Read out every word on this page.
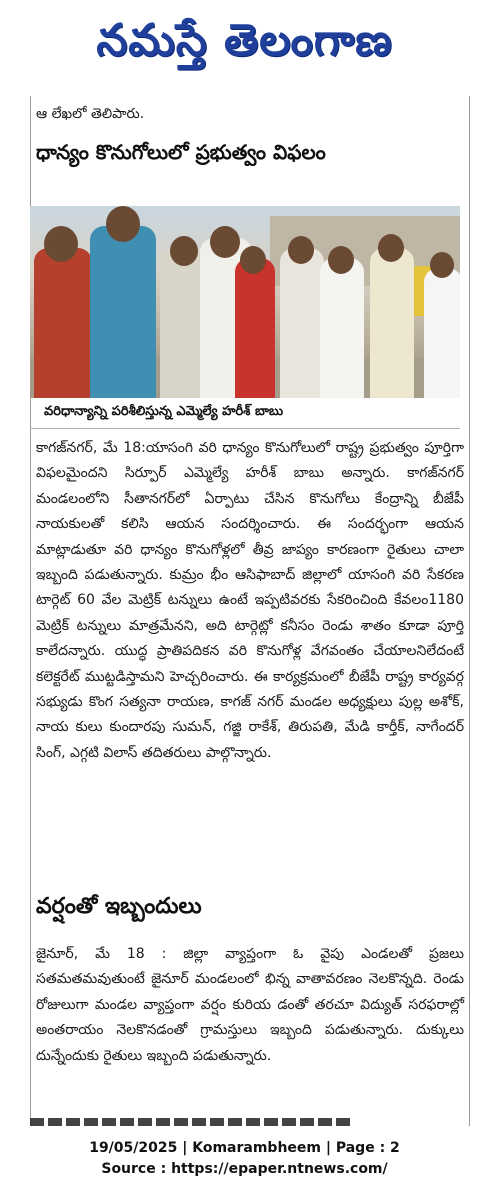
నమస్తే తెలంగాణ

ఆ లేఖలో తెలిపారు.

ధాన్యం కొనుగోలులో ప్రభుత్వం విఫలం

వరిధాన్యాన్ని పరిశీలిస్తున్న ఎమ్మెల్యే హరీశ్ బాబు

కాగజ్‌నగర్, మే 18:యాసంగి వరి ధాన్యం కొనుగోలులో రాష్ట్ర ప్రభుత్వం పూర్తిగా విఫలమైందని సిర్పూర్ ఎమ్మెల్యే హరీశ్ బాబు అన్నారు. కాగజ్‌నగర్ మండలంలోని సీతానగర్‌లో ఏర్పాటు చేసిన కొనుగోలు కేంద్రాన్ని బీజేపీ నాయకులతో కలిసి ఆయన సందర్శించారు. ఈ సందర్భంగా ఆయన మాట్లాడుతూ వరి ధాన్యం కొనుగోళ్లలో తీవ్ర జాప్యం కారణంగా రైతులు చాలా ఇబ్బంది పడుతున్నారు. కుమ్రం భీం ఆసిఫాబాద్ జిల్లాలో యాసంగి వరి సేకరణ టార్గెట్ 60 వేల మెట్రిక్ టన్నులు ఉంటే ఇప్పటివరకు సేకరించింది కేవలం1180 మెట్రిక్ టన్నులు మాత్రమేనని, అది టార్గెట్లో కనీసం రెండు శాతం కూడా పూర్తి కాలేదన్నారు. యుద్ధ ప్రాతిపదికన వరి కొనుగోళ్ల వేగవంతం చేయాలనిలేదంటే కలెక్టరేట్ ముట్టడిస్తామని హెచ్చరించారు. ఈ కార్యక్రమంలో బీజేపీ రాష్ట్ర కార్యవర్గ సభ్యుడు కొంగ సత్యనా రాయణ, కాగజ్ నగర్ మండల అధ్యక్షులు పుల్ల అశోక్, నాయ కులు కుందారపు సుమన్, గజ్జి రాకేశ్, తిరుపతి, మేడి కార్తీక్, నాగేందర్ సింగ్, ఎగ్గటి విలాస్ తదితరులు పాల్గొన్నారు.

వర్షంతో ఇబ్బందులు

జైనూర్, మే 18 : జిల్లా వ్యాప్తంగా ఓ వైపు ఎండలతో ప్రజలు సతమతమవుతుంటే జైనూర్ మండలంలో భిన్న వాతావరణం నెలకొన్నది. రెండు రోజులుగా మండల వ్యాప్తంగా వర్షం కురియ డంతో తరచూ విద్యుత్ సరఫరాల్లో అంతరాయం నెలకొనడంతో గ్రామస్తులు ఇబ్బంది పడుతున్నారు. దుక్కులు దున్నేందుకు రైతులు ఇబ్బంది పడుతున్నారు.

19/05/2025 | Komarambheem | Page : 2
Source : https://epaper.ntnews.com/
